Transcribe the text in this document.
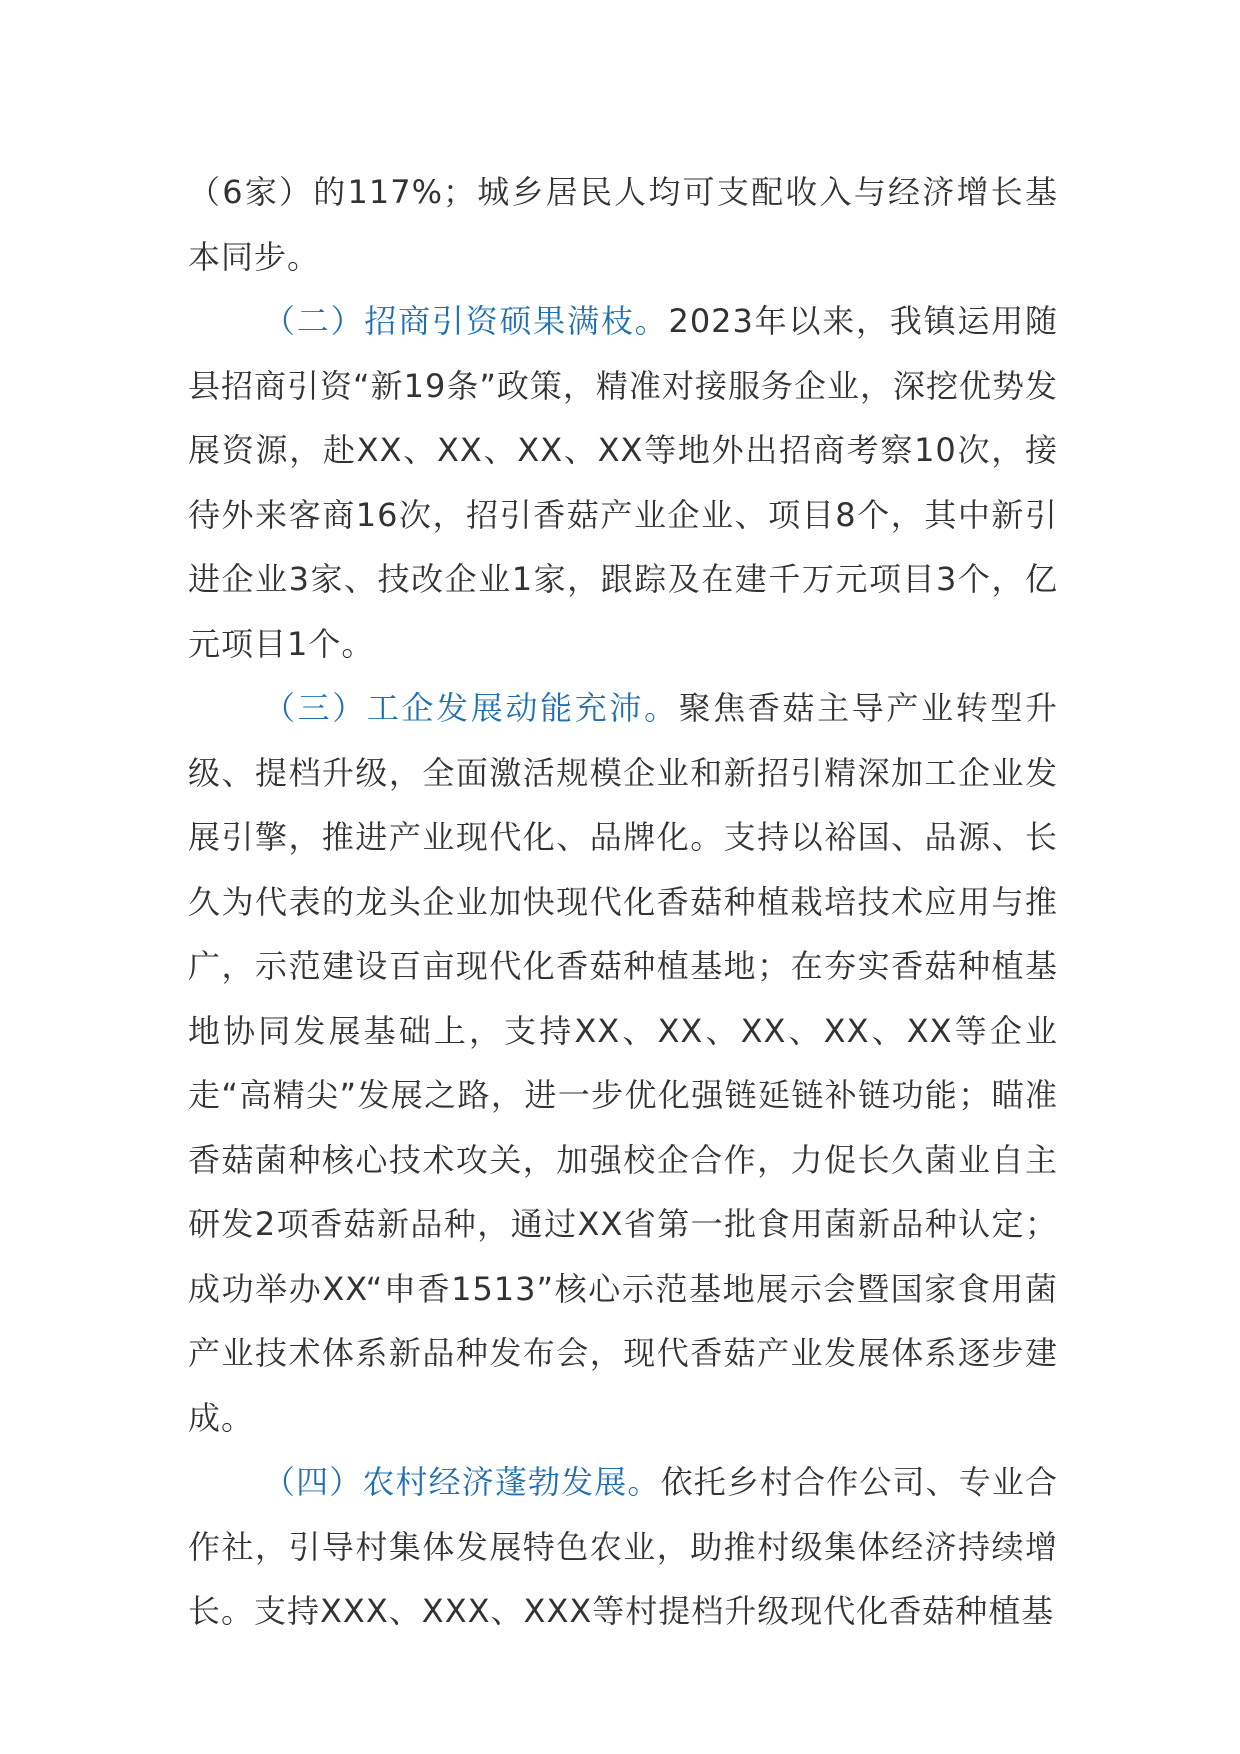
（6家）的117%；城乡居民人均可支配收入与经济增长基本同步。

（二）招商引资硕果满枝。2023年以来，我镇运用随县招商引资“新19条”政策，精准对接服务企业，深挖优势发展资源，赴XX、XX、XX、XX等地外出招商考察10次，接待外来客商16次，招引香菇产业企业、项目8个，其中新引进企业3家、技改企业1家，跟踪及在建千万元项目3个，亿元项目1个。

（三）工企发展动能充沛。聚焦香菇主导产业转型升级、提档升级，全面激活规模企业和新招引精深加工企业发展引擎，推进产业现代化、品牌化。支持以裕国、品源、长久为代表的龙头企业加快现代化香菇种植栽培技术应用与推广，示范建设百亩现代化香菇种植基地；在夯实香菇种植基地协同发展基础上，支持XX、XX、XX、XX、XX等企业走“高精尖”发展之路，进一步优化强链延链补链功能；瞄准香菇菌种核心技术攻关，加强校企合作，力促长久菌业自主研发2项香菇新品种，通过XX省第一批食用菌新品种认定；成功举办XX“申香1513”核心示范基地展示会暨国家食用菌产业技术体系新品种发布会，现代香菇产业发展体系逐步建成。

（四）农村经济蓬勃发展。依托乡村合作公司、专业合作社，引导村集体发展特色农业，助推村级集体经济持续增长。支持XXX、XXX、XXX等村提档升级现代化香菇种植基
